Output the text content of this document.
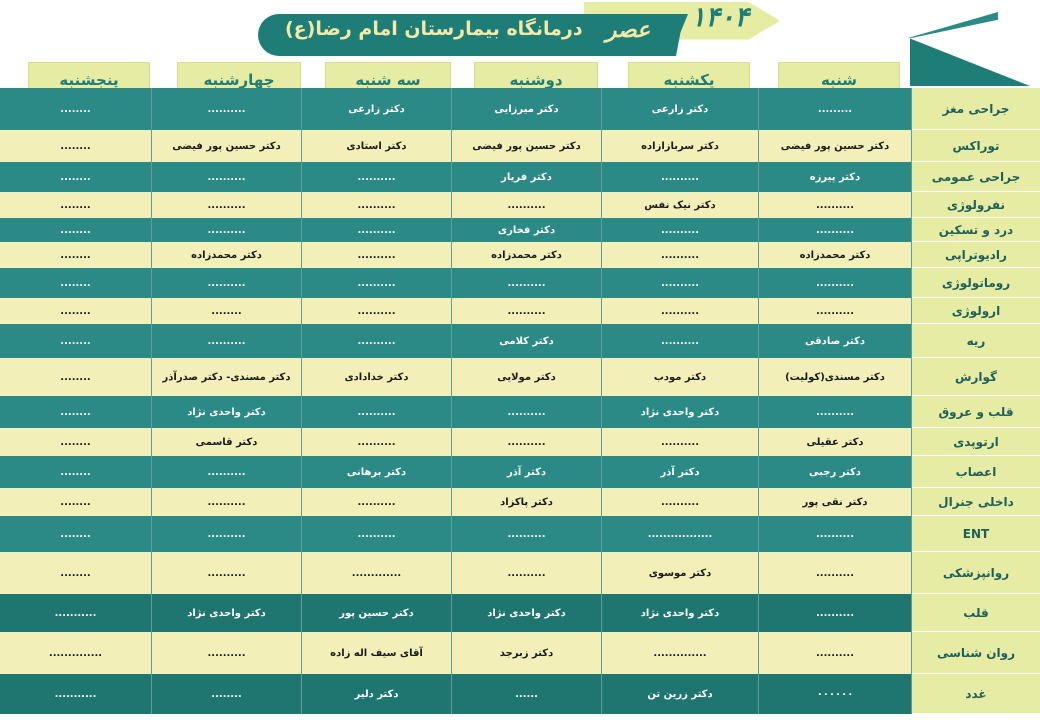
۱۴۰۴
درمانگاه بیمارستان امام رضا(ع)	عصر
پنجشنبه	چهارشنبه	سه شنبه	دوشنبه	یکشنبه	شنبه
........	..........	دکتر زارعی	دکتر میرزایی	دکتر زارعی	.........	جراحی مغز
........	دکتر حسین پور فیضی	دکتر استادی	دکتر حسین پور فیضی	دکتر سربازازاده	دکتر حسین پور فیضی	توراکس
........	..........	..........	دکتر فریار	..........	دکتر پیرزه	جراحی عمومی
........	..........	..........	..........	دکتر نیک نفس	..........	نفرولوژی
........	..........	..........	دکتر فخاری	..........	..........	درد و تسکین
........	دکتر محمدزاده	..........	دکتر محمدزاده	..........	دکتر محمدزاده	رادیوتراپی
........	..........	..........	..........	..........	..........	روماتولوژی
........	........	..........	..........	..........	..........	ارولوژی
........	..........	..........	دکتر کلامی	..........	دکتر صادقی	ریه
........	دکتر مسندی- دکتر صدرآذر	دکتر خدادادی	دکتر مولایی	دکتر مودب	دکتر مسندی(کولیت)	گوارش
........	دکتر واحدی نژاد	..........	..........	دکتر واحدی نژاد	..........	قلب و عروق
........	دکتر قاسمی	..........	..........	..........	دکتر عقیلی	ارتوپدی
........	..........	دکتر برهانی	دکتر آذر	دکتر آذر	دکتر رجبی	اعصاب
........	..........	..........	دکتر پاکزاد	..........	دکتر نقی پور	داخلی جنرال
........	..........	..........	..........	.................	..........	ENT
........	..........	.............	..........	دکتر موسوی	..........	روانپزشکی
...........	دکتر واحدی نژاد	دکتر حسین پور	دکتر واحدی نژاد	دکتر واحدی نژاد	..........	قلب
..............	..........	آقای سیف اله زاده	دکتر زبرجد	..............	..........	روان شناسی
...........	........	دکتر دلیر	......	دکتر زرین تن	۰۰۰۰۰۰	غدد
